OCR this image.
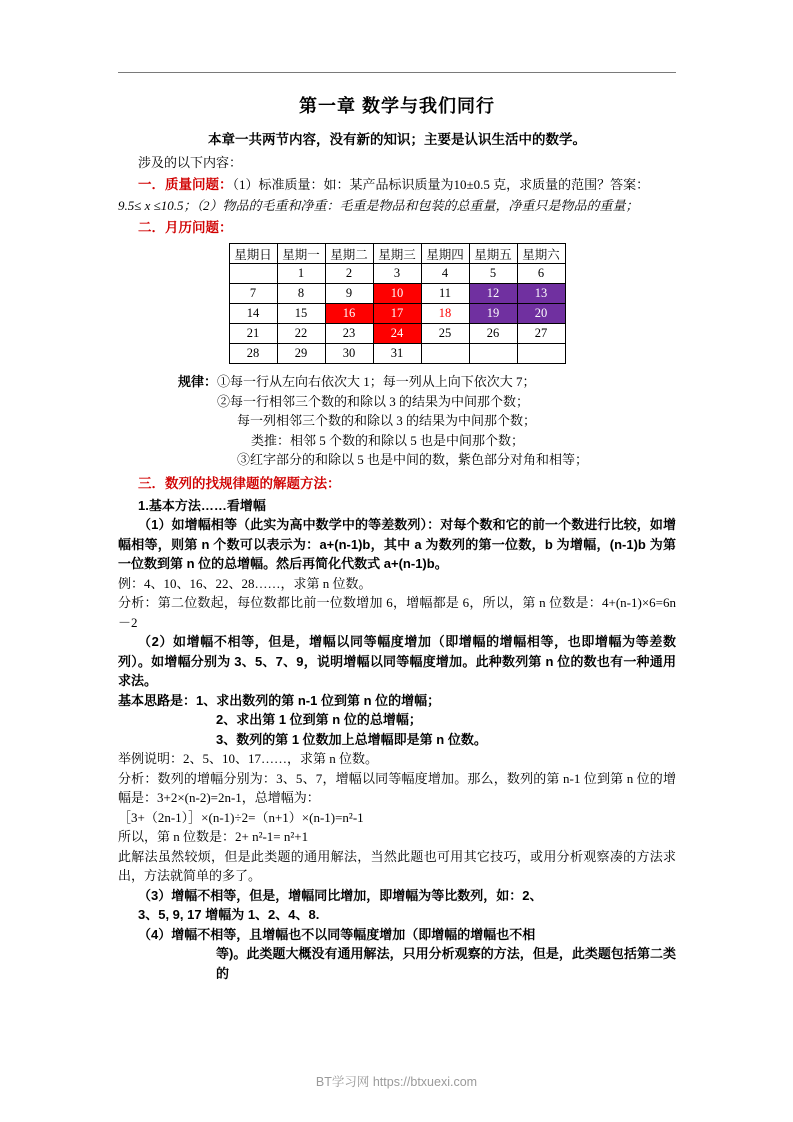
第一章 数学与我们同行

本章一共两节内容，没有新的知识；主要是认识生活中的数学。

涉及的以下内容：

一．质量问题：（1）标准质量：如：某产品标识质量为10±0.5 克，求质量的范围？答案：

9.5≤ x ≤10.5；（2）物品的毛重和净重：毛重是物品和包装的总重量，净重只是物品的重量；

二．月历问题：

星期日	星期一	星期二	星期三	星期四	星期五	星期六
	1	2	3	4	5	6
7	8	9	10	11	12	13
14	15	16	17	18	19	20
21	22	23	24	25	26	27
28	29	30	31			
规律： ①每一行从左向右依次大 1；每一列从上向下依次大 7；
②每一行相邻三个数的和除以 3 的结果为中间那个数；
每一列相邻三个数的和除以 3 的结果为中间那个数；
类推：相邻 5 个数的和除以 5 也是中间那个数；
③红字部分的和除以 5 也是中间的数，紫色部分对角和相等；

三．数列的找规律题的解题方法：

1.基本方法……看增幅

（1）如增幅相等（此实为高中数学中的等差数列）：对每个数和它的前一个数进行比较，如增幅相等，则第 n 个数可以表示为：a+(n-1)b，其中 a 为数列的第一位数，b 为增幅，(n-1)b 为第一位数到第 n 位的总增幅。然后再简化代数式 a+(n-1)b。

例：4、10、16、22、28……，求第 n 位数。

分析：第二位数起，每位数都比前一位数增加 6，增幅都是 6，所以，第 n 位数是：4+(n-1)×6=6n－2

（2）如增幅不相等，但是，增幅以同等幅度增加（即增幅的增幅相等，也即增幅为等差数列）。如增幅分别为 3、5、7、9，说明增幅以同等幅度增加。此种数列第 n 位的数也有一种通用求法。

基本思路是：1、求出数列的第 n-1 位到第 n 位的增幅；

2、求出第 1 位到第 n 位的总增幅；

3、数列的第 1 位数加上总增幅即是第 n 位数。

举例说明：2、5、10、17……，求第 n 位数。

分析：数列的增幅分别为：3、5、7，增幅以同等幅度增加。那么，数列的第 n-1 位到第 n 位的增幅是：3+2×(n-2)=2n-1，总增幅为：

［3+（2n-1）］×(n-1)÷2=（n+1）×(n-1)=n²-1

所以，第 n 位数是：2+ n²-1= n²+1

此解法虽然较烦，但是此类题的通用解法，当然此题也可用其它技巧，或用分析观察凑的方法求出，方法就简单的多了。

（3）增幅不相等，但是，增幅同比增加，即增幅为等比数列，如：2、

3、5, 9, 17 增幅为 1、2、4、8.

（4）增幅不相等，且增幅也不以同等幅度增加（即增幅的增幅也不相

等)。此类题大概没有通用解法，只用分析观察的方法，但是，此类题包括第二类的

BT学习网 https://btxuexi.com
